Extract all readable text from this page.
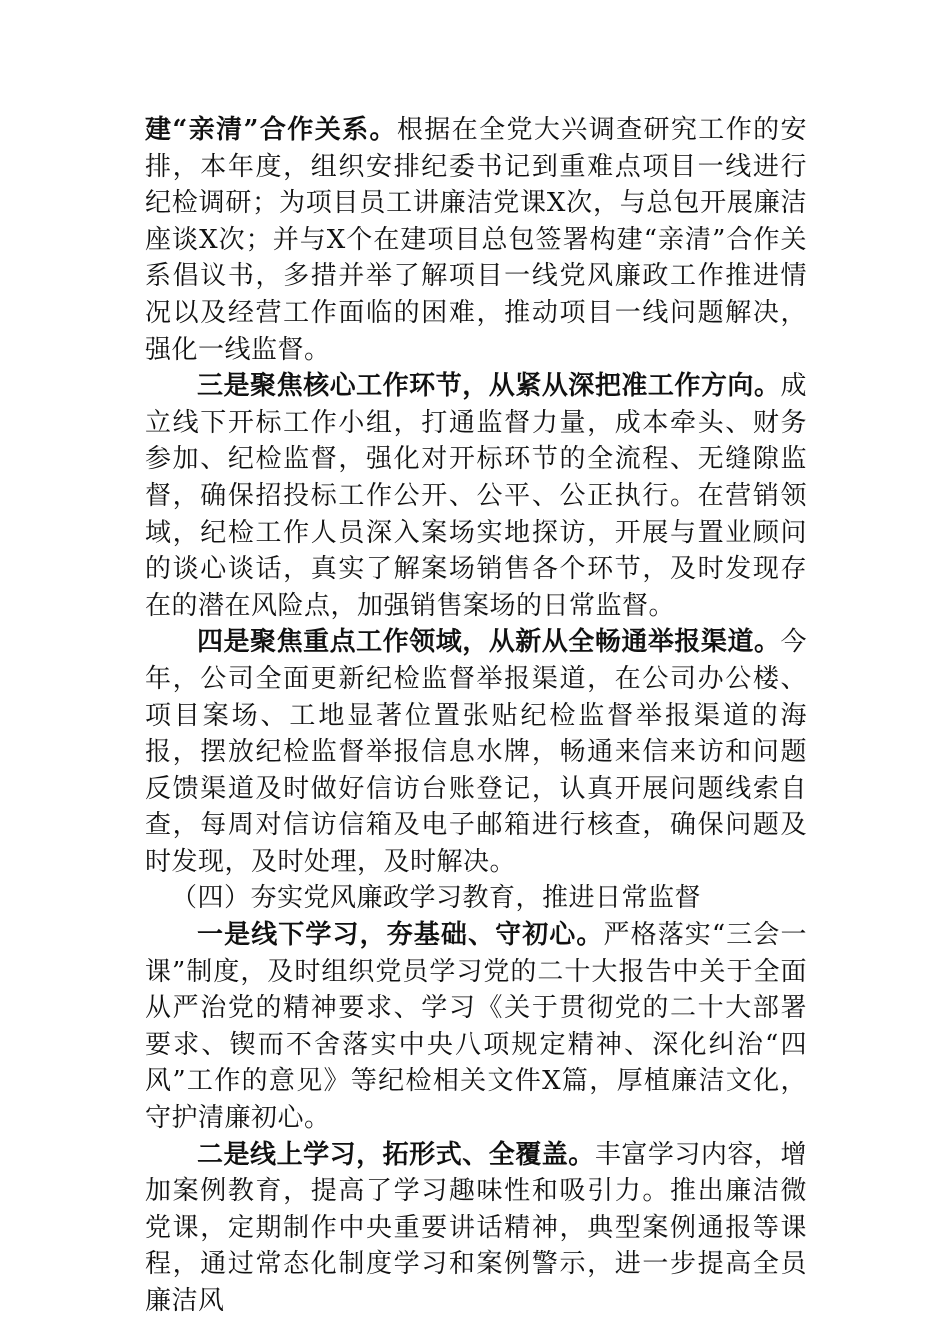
建“亲清”合作关系。根据在全党大兴调查研究工作的安排，本年度，组织安排纪委书记到重难点项目一线进行纪检调研；为项目员工讲廉洁党课X次，与总包开展廉洁座谈X次；并与X个在建项目总包签署构建“亲清”合作关系倡议书，多措并举了解项目一线党风廉政工作推进情况以及经营工作面临的困难，推动项目一线问题解决，强化一线监督。

三是聚焦核心工作环节，从紧从深把准工作方向。成立线下开标工作小组，打通监督力量，成本牵头、财务参加、纪检监督，强化对开标环节的全流程、无缝隙监督，确保招投标工作公开、公平、公正执行。在营销领域，纪检工作人员深入案场实地探访，开展与置业顾问的谈心谈话，真实了解案场销售各个环节，及时发现存在的潜在风险点，加强销售案场的日常监督。

四是聚焦重点工作领域，从新从全畅通举报渠道。今年，公司全面更新纪检监督举报渠道，在公司办公楼、项目案场、工地显著位置张贴纪检监督举报渠道的海报，摆放纪检监督举报信息水牌，畅通来信来访和问题反馈渠道及时做好信访台账登记，认真开展问题线索自查，每周对信访信箱及电子邮箱进行核查，确保问题及时发现，及时处理，及时解决。

（四）夯实党风廉政学习教育，推进日常监督

一是线下学习，夯基础、守初心。严格落实“三会一课”制度，及时组织党员学习党的二十大报告中关于全面从严治党的精神要求、学习《关于贯彻党的二十大部署要求、锲而不舍落实中央八项规定精神、深化纠治“四风”工作的意见》等纪检相关文件X篇，厚植廉洁文化，守护清廉初心。

二是线上学习，拓形式、全覆盖。丰富学习内容，增加案例教育，提高了学习趣味性和吸引力。推出廉洁微党课，定期制作中央重要讲话精神，典型案例通报等课程，通过常态化制度学习和案例警示，进一步提高全员廉洁风
